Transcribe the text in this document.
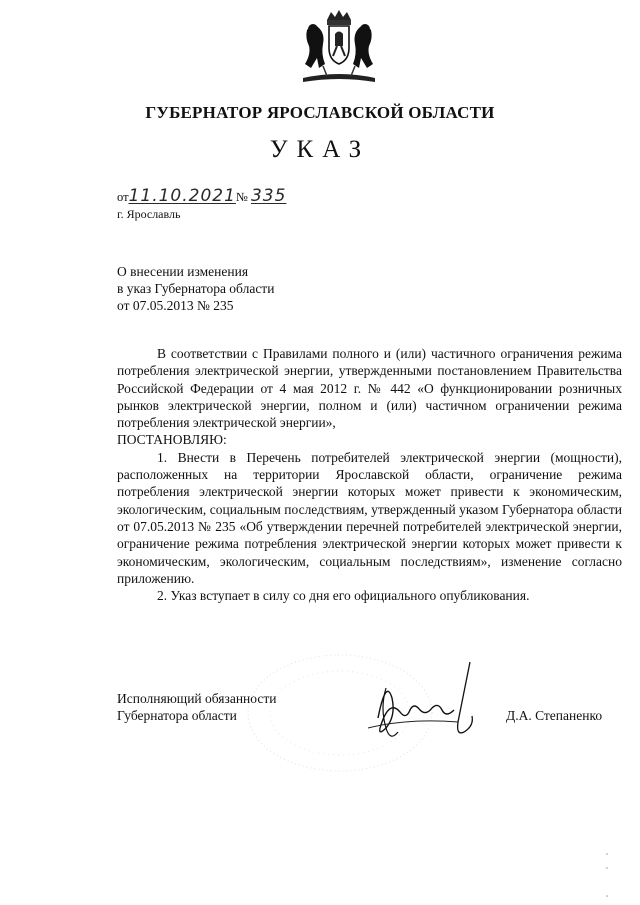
ГУБЕРНАТОР ЯРОСЛАВСКОЙ ОБЛАСТИ
УКАЗ
от11.10.2021№ 335
г. Ярославль
О внесении изменения
в указ Губернатора области
от 07.05.2013 № 235

В соответствии с Правилами полного и (или) частичного ограничения режима потребления электрической энергии, утвержденными постановлением Правительства Российской Федерации от 4 мая 2012 г. № 442 «О функционировании розничных рынков электрической энергии, полном и (или) частичном ограничении режима потребления электрической энергии»,

ПОСТАНОВЛЯЮ:

1. Внести в Перечень потребителей электрической энергии (мощности), расположенных на территории Ярославской области, ограничение режима потребления электрической энергии которых может привести к экономическим, экологическим, социальным последствиям, утвержденный указом Губернатора области от 07.05.2013 № 235 «Об утверждении перечней потребителей электрической энергии, ограничение режима потребления электрической энергии которых может привести к экономическим, экологическим, социальным последствиям», изменение согласно приложению.

2. Указ вступает в силу со дня его официального опубликования.

Исполняющий обязанности
Губернатора области	Д.А. Степаненко
